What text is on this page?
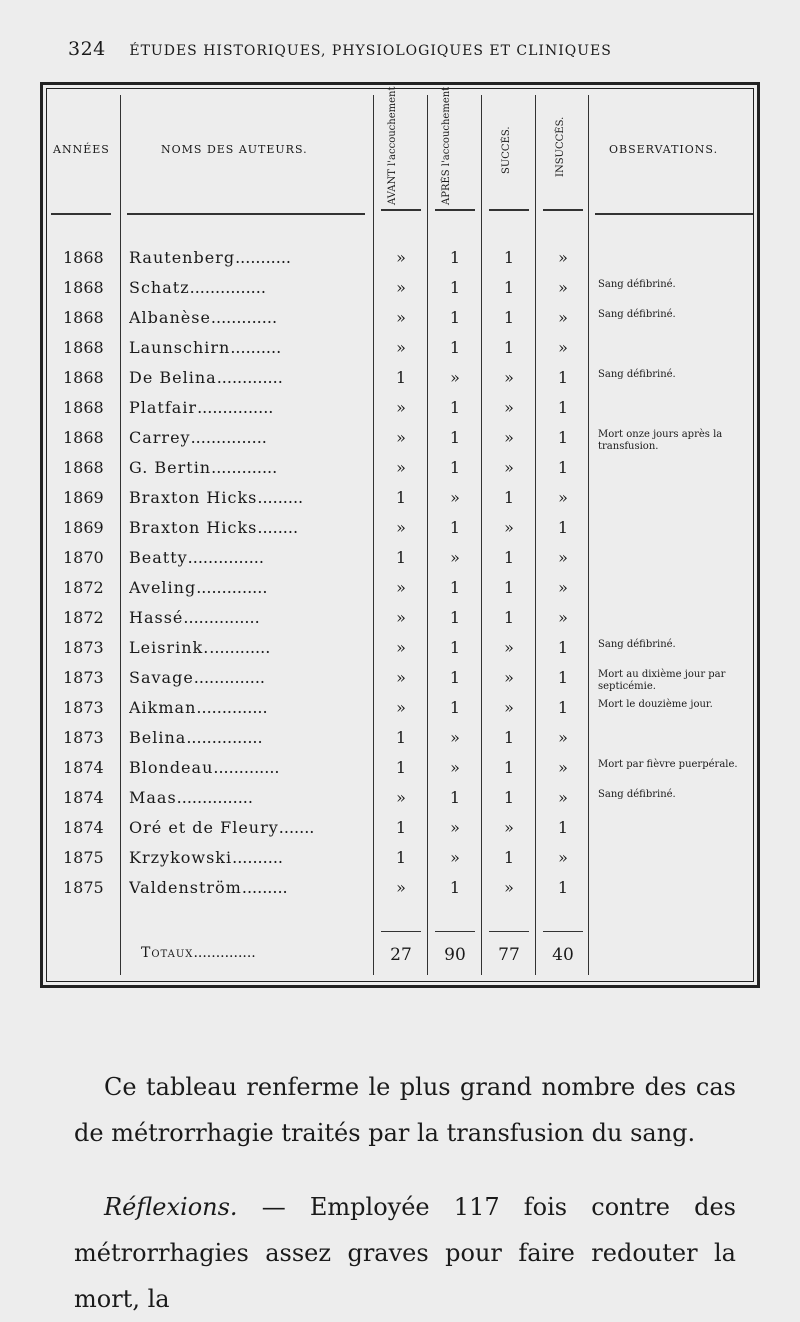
324 ÉTUDES HISTORIQUES, PHYSIOLOGIQUES ET CLINIQUES
ANNÉES	NOMS DES AUTEURS.	AVANT l'accouchement	APRÈS l'accouchement	SUCCÈS.	INSUCCÈS.	OBSERVATIONS.
1868	Rautenberg...........	»	1	1	»
1868	Schatz...............	»	1	1	»	Sang défibriné.
1868	Albanèse.............	»	1	1	»	Sang défibriné.
1868	Launschirn..........	»	1	1	»
1868	De Belina.............	1	»	»	1	Sang défibriné.
1868	Platfair...............	»	1	»	1
1868	Carrey...............	»	1	»	1	Mort onze jours après la transfusion.
1868	G. Bertin.............	»	1	»	1
1869	Braxton Hicks.........	1	»	1	»
1869	Braxton Hicks........	»	1	»	1
1870	Beatty...............	1	»	1	»
1872	Aveling..............	»	1	1	»
1872	Hassé...............	»	1	1	»
1873	Leisrink.............	»	1	»	1	Sang défibriné.
1873	Savage..............	»	1	»	1	Mort au dixième jour par septicémie.
1873	Aikman..............	»	1	»	1	Mort le douzième jour.
1873	Belina...............	1	»	1	»
1874	Blondeau.............	1	»	1	»	Mort par fièvre puerpérale.
1874	Maas...............	»	1	1	»	Sang défibriné.
1874	Oré et de Fleury.......	1	»	»	1
1875	Krzykowski..........	1	»	1	»
1875	Valdenström.........	»	1	»	1
Totaux..............	27	90	77	40

Ce tableau renferme le plus grand nombre des cas de métrorrhagie traités par la transfusion du sang.

Réflexions. — Employée 117 fois contre des métrorrhagies assez graves pour faire redouter la mort, la
